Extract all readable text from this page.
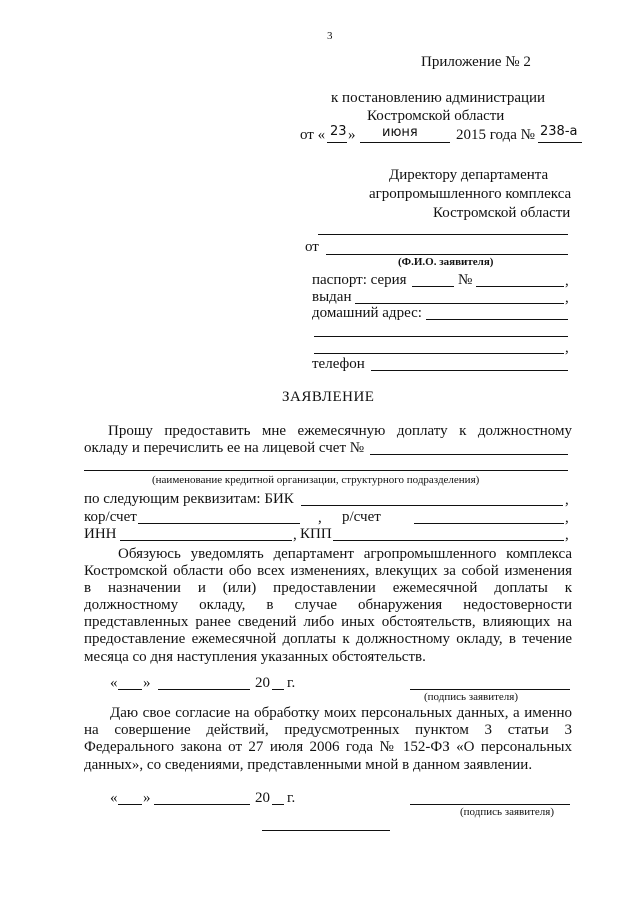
3
Приложение № 2
к постановлению администрации
Костромской области
от « 23 » июня	2015 года № 238-а
Директору департамента
агропромышленного комплекса
Костромской области
от
(Ф.И.О. заявителя)
паспорт: серия	№	,
выдан	,
домашний адрес:
,
телефон
ЗАЯВЛЕНИЕ
Прошу предоставить мне ежемесячную доплату к должностному
окладу и перечислить ее на лицевой счет №
(наименование кредитной организации, структурного подразделения)
по следующим реквизитам: БИК	,
кор/счет	, р/счет	,
ИНН	, КПП	,
Обязуюсь уведомлять департамент агропромышленного комплекса
Костромской области обо всех изменениях, влекущих за собой изменения
в назначении и (или) предоставлении ежемесячной доплаты к
должностному окладу, в случае обнаружения недостоверности
представленных ранее сведений либо иных обстоятельств, влияющих на
предоставление ежемесячной доплаты к должностному окладу, в течение
месяца со дня наступления указанных обстоятельств.
« »	20 г.
(подпись заявителя)
Даю свое согласие на обработку моих персональных данных, а именно
на совершение действий, предусмотренных пунктом 3 статьи 3
Федерального закона от 27 июля 2006 года № 152-ФЗ «О персональных
данных», со сведениями, представленными мной в данном заявлении.
« »	20 г.
(подпись заявителя)
